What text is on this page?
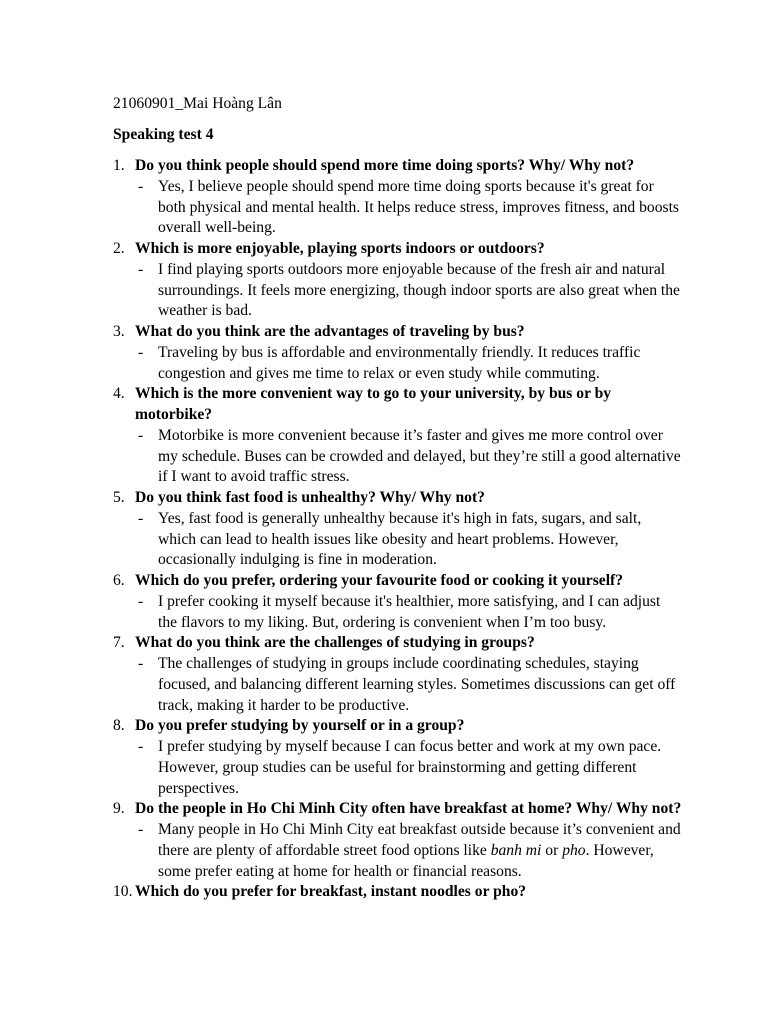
21060901_Mai Hoàng Lân

Speaking test 4

1. Do you think people should spend more time doing sports? Why/ Why not?

- Yes, I believe people should spend more time doing sports because it's great for both physical and mental health. It helps reduce stress, improves fitness, and boosts overall well-being.

2. Which is more enjoyable, playing sports indoors or outdoors?

- I find playing sports outdoors more enjoyable because of the fresh air and natural surroundings. It feels more energizing, though indoor sports are also great when the weather is bad.

3. What do you think are the advantages of traveling by bus?

- Traveling by bus is affordable and environmentally friendly. It reduces traffic congestion and gives me time to relax or even study while commuting.

4. Which is the more convenient way to go to your university, by bus or by motorbike?

- Motorbike is more convenient because it’s faster and gives me more control over my schedule. Buses can be crowded and delayed, but they’re still a good alternative if I want to avoid traffic stress.

5. Do you think fast food is unhealthy? Why/ Why not?

- Yes, fast food is generally unhealthy because it's high in fats, sugars, and salt, which can lead to health issues like obesity and heart problems. However, occasionally indulging is fine in moderation.

6. Which do you prefer, ordering your favourite food or cooking it yourself?

- I prefer cooking it myself because it's healthier, more satisfying, and I can adjust the flavors to my liking. But, ordering is convenient when I’m too busy.

7. What do you think are the challenges of studying in groups?

- The challenges of studying in groups include coordinating schedules, staying focused, and balancing different learning styles. Sometimes discussions can get off track, making it harder to be productive.

8. Do you prefer studying by yourself or in a group?

- I prefer studying by myself because I can focus better and work at my own pace. However, group studies can be useful for brainstorming and getting different perspectives.

9. Do the people in Ho Chi Minh City often have breakfast at home? Why/ Why not?

- Many people in Ho Chi Minh City eat breakfast outside because it’s convenient and there are plenty of affordable street food options like banh mi or pho. However, some prefer eating at home for health or financial reasons.

10. Which do you prefer for breakfast, instant noodles or pho?
